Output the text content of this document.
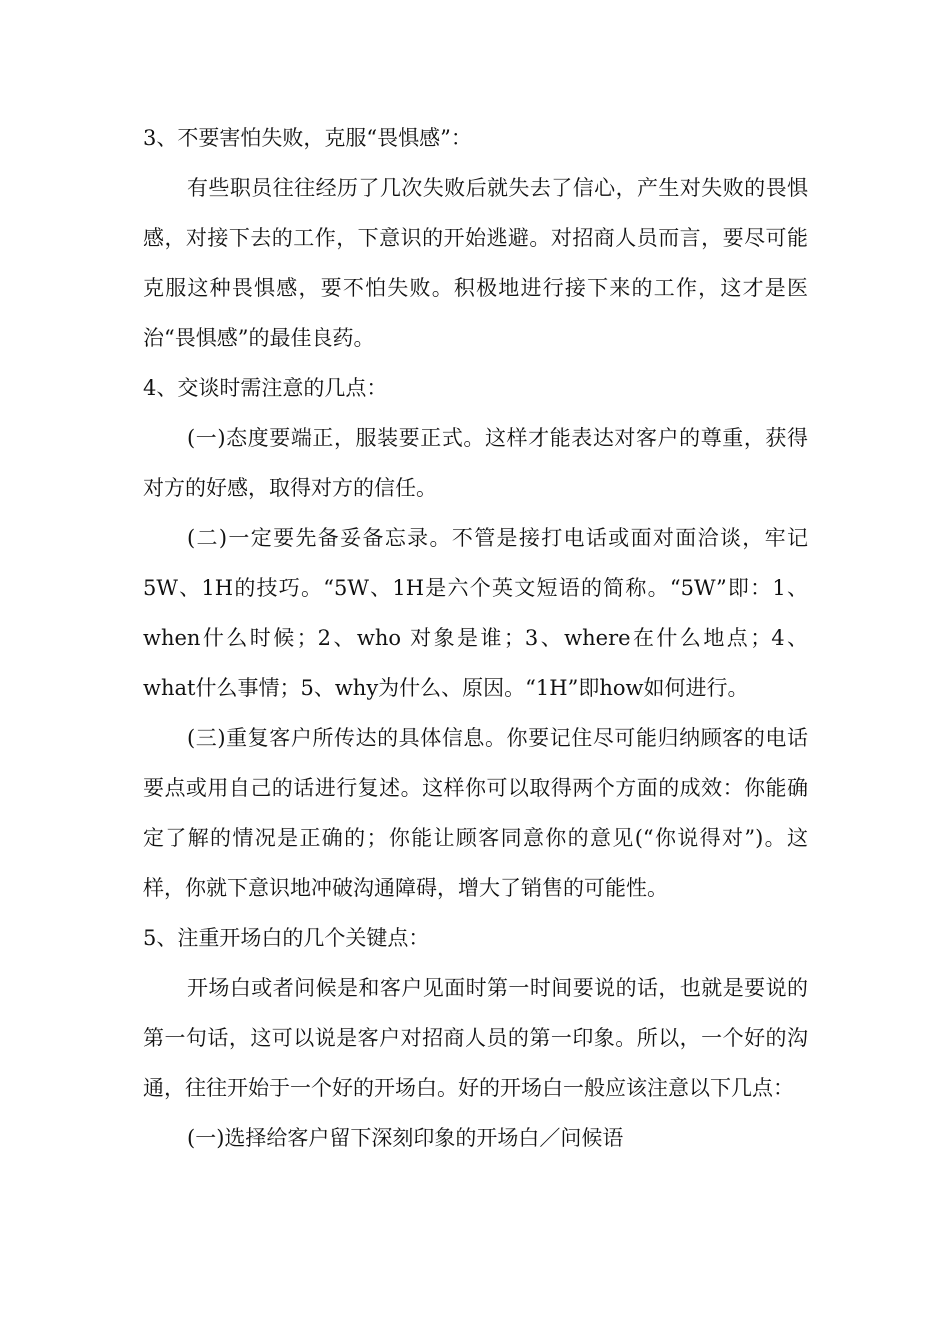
3、不要害怕失败，克服“畏惧感”：

有些职员往往经历了几次失败后就失去了信心，产生对失败的畏惧感，对接下去的工作，下意识的开始逃避。对招商人员而言，要尽可能克服这种畏惧感，要不怕失败。积极地进行接下来的工作，这才是医治“畏惧感”的最佳良药。

4、交谈时需注意的几点：

(一)态度要端正，服装要正式。这样才能表达对客户的尊重，获得对方的好感，取得对方的信任。

(二)一定要先备妥备忘录。不管是接打电话或面对面洽谈，牢记5W、1H的技巧。“5W、1H是六个英文短语的简称。“5W”即：1、when什么时候；2、who 对象是谁；3、where在什么地点；4、 what什么事情；5、why为什么、原因。“1H”即how如何进行。

(三)重复客户所传达的具体信息。你要记住尽可能归纳顾客的电话要点或用自己的话进行复述。这样你可以取得两个方面的成效：你能确定了解的情况是正确的；你能让顾客同意你的意见(“你说得对”)。这样，你就下意识地冲破沟通障碍，增大了销售的可能性。

5、注重开场白的几个关键点：

开场白或者问候是和客户见面时第一时间要说的话，也就是要说的第一句话，这可以说是客户对招商人员的第一印象。所以，一个好的沟通，往往开始于一个好的开场白。好的开场白一般应该注意以下几点：

(一)选择给客户留下深刻印象的开场白／问候语
